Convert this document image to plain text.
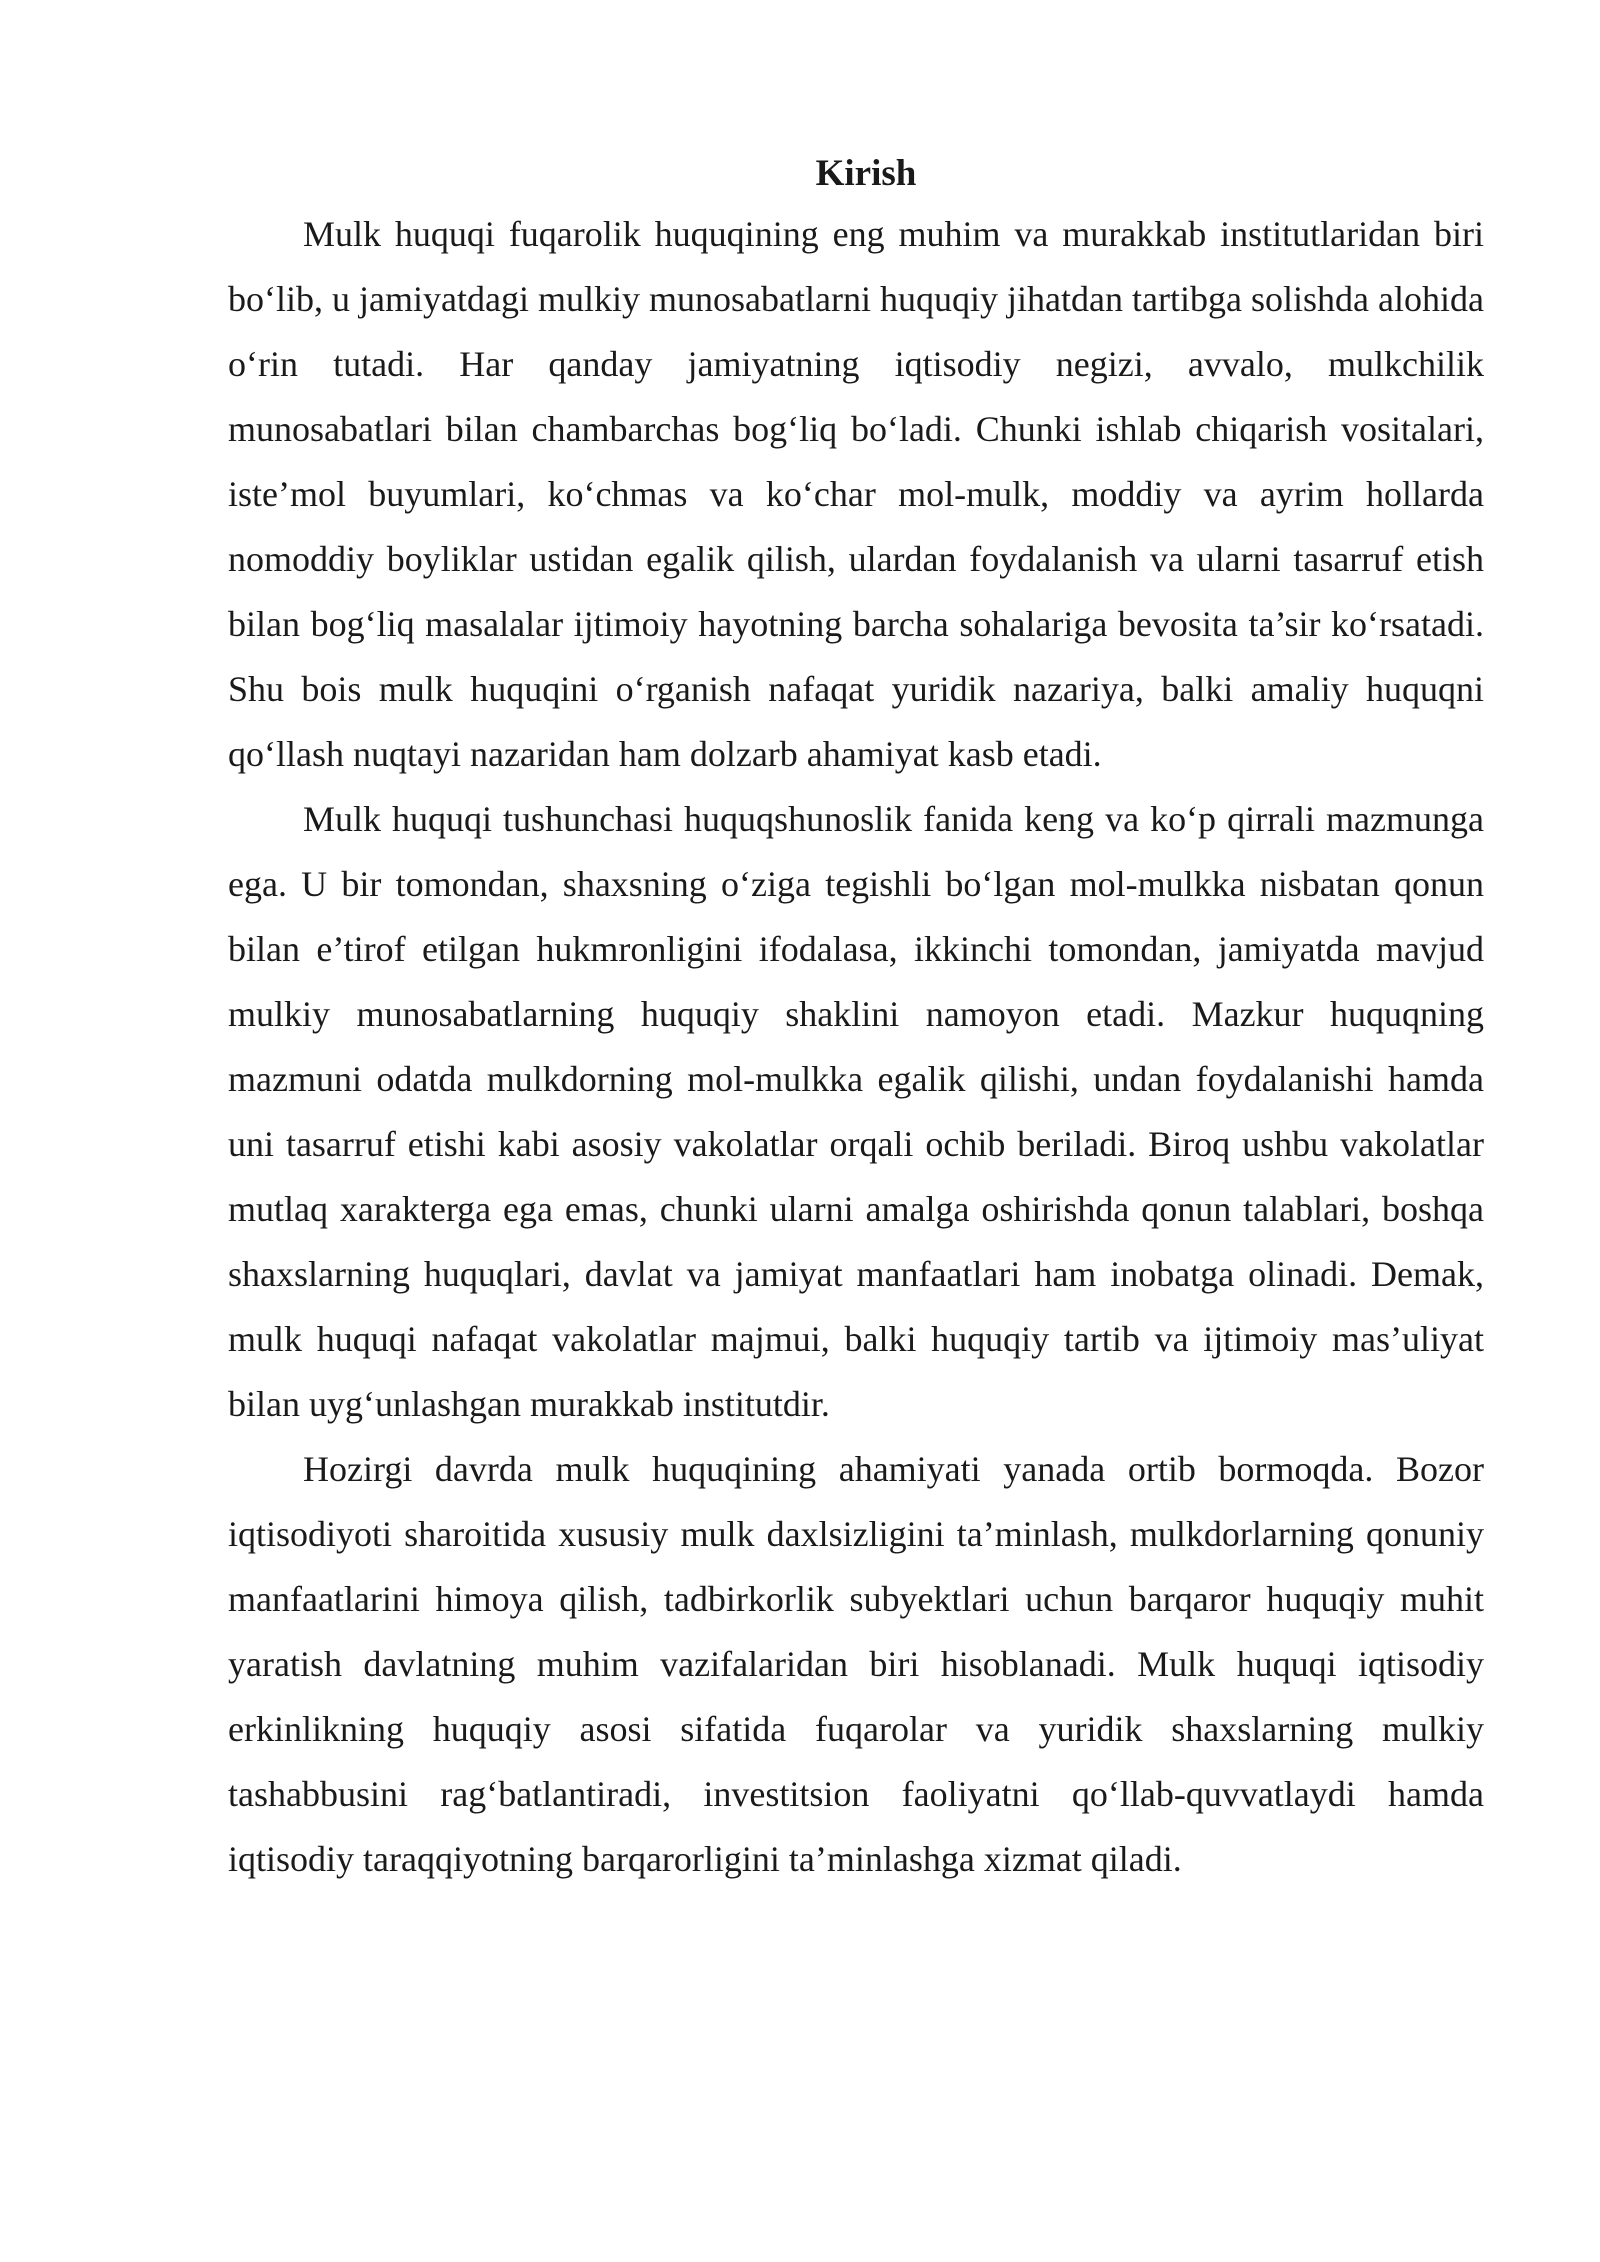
Kirish

Mulk huquqi fuqarolik huquqining eng muhim va murakkab institutlaridan biri bo‘lib, u jamiyatdagi mulkiy munosabatlarni huquqiy jihatdan tartibga solishda alohida o‘rin tutadi. Har qanday jamiyatning iqtisodiy negizi, avvalo, mulkchilik munosabatlari bilan chambarchas bog‘liq bo‘ladi. Chunki ishlab chiqarish vositalari, iste’mol buyumlari, ko‘chmas va ko‘char mol-mulk, moddiy va ayrim hollarda nomoddiy boyliklar ustidan egalik qilish, ulardan foydalanish va ularni tasarruf etish bilan bog‘liq masalalar ijtimoiy hayotning barcha sohalariga bevosita ta’sir ko‘rsatadi. Shu bois mulk huquqini o‘rganish nafaqat yuridik nazariya, balki amaliy huquqni qo‘llash nuqtayi nazaridan ham dolzarb ahamiyat kasb etadi.

Mulk huquqi tushunchasi huquqshunoslik fanida keng va ko‘p qirrali mazmunga ega. U bir tomondan, shaxsning o‘ziga tegishli bo‘lgan mol-mulkka nisbatan qonun bilan e’tirof etilgan hukmronligini ifodalasa, ikkinchi tomondan, jamiyatda mavjud mulkiy munosabatlarning huquqiy shaklini namoyon etadi. Mazkur huquqning mazmuni odatda mulkdorning mol-mulkka egalik qilishi, undan foydalanishi hamda uni tasarruf etishi kabi asosiy vakolatlar orqali ochib beriladi. Biroq ushbu vakolatlar mutlaq xarakterga ega emas, chunki ularni amalga oshirishda qonun talablari, boshqa shaxslarning huquqlari, davlat va jamiyat manfaatlari ham inobatga olinadi. Demak, mulk huquqi nafaqat vakolatlar majmui, balki huquqiy tartib va ijtimoiy mas’uliyat bilan uyg‘unlashgan murakkab institutdir.

Hozirgi davrda mulk huquqining ahamiyati yanada ortib bormoqda. Bozor iqtisodiyoti sharoitida xususiy mulk daxlsizligini ta’minlash, mulkdorlarning qonuniy manfaatlarini himoya qilish, tadbirkorlik subyektlari uchun barqaror huquqiy muhit yaratish davlatning muhim vazifalaridan biri hisoblanadi. Mulk huquqi iqtisodiy erkinlikning huquqiy asosi sifatida fuqarolar va yuridik shaxslarning mulkiy tashabbusini rag‘batlantiradi, investitsion faoliyatni qo‘llab-quvvatlaydi hamda iqtisodiy taraqqiyotning barqarorligini ta’minlashga xizmat qiladi.
